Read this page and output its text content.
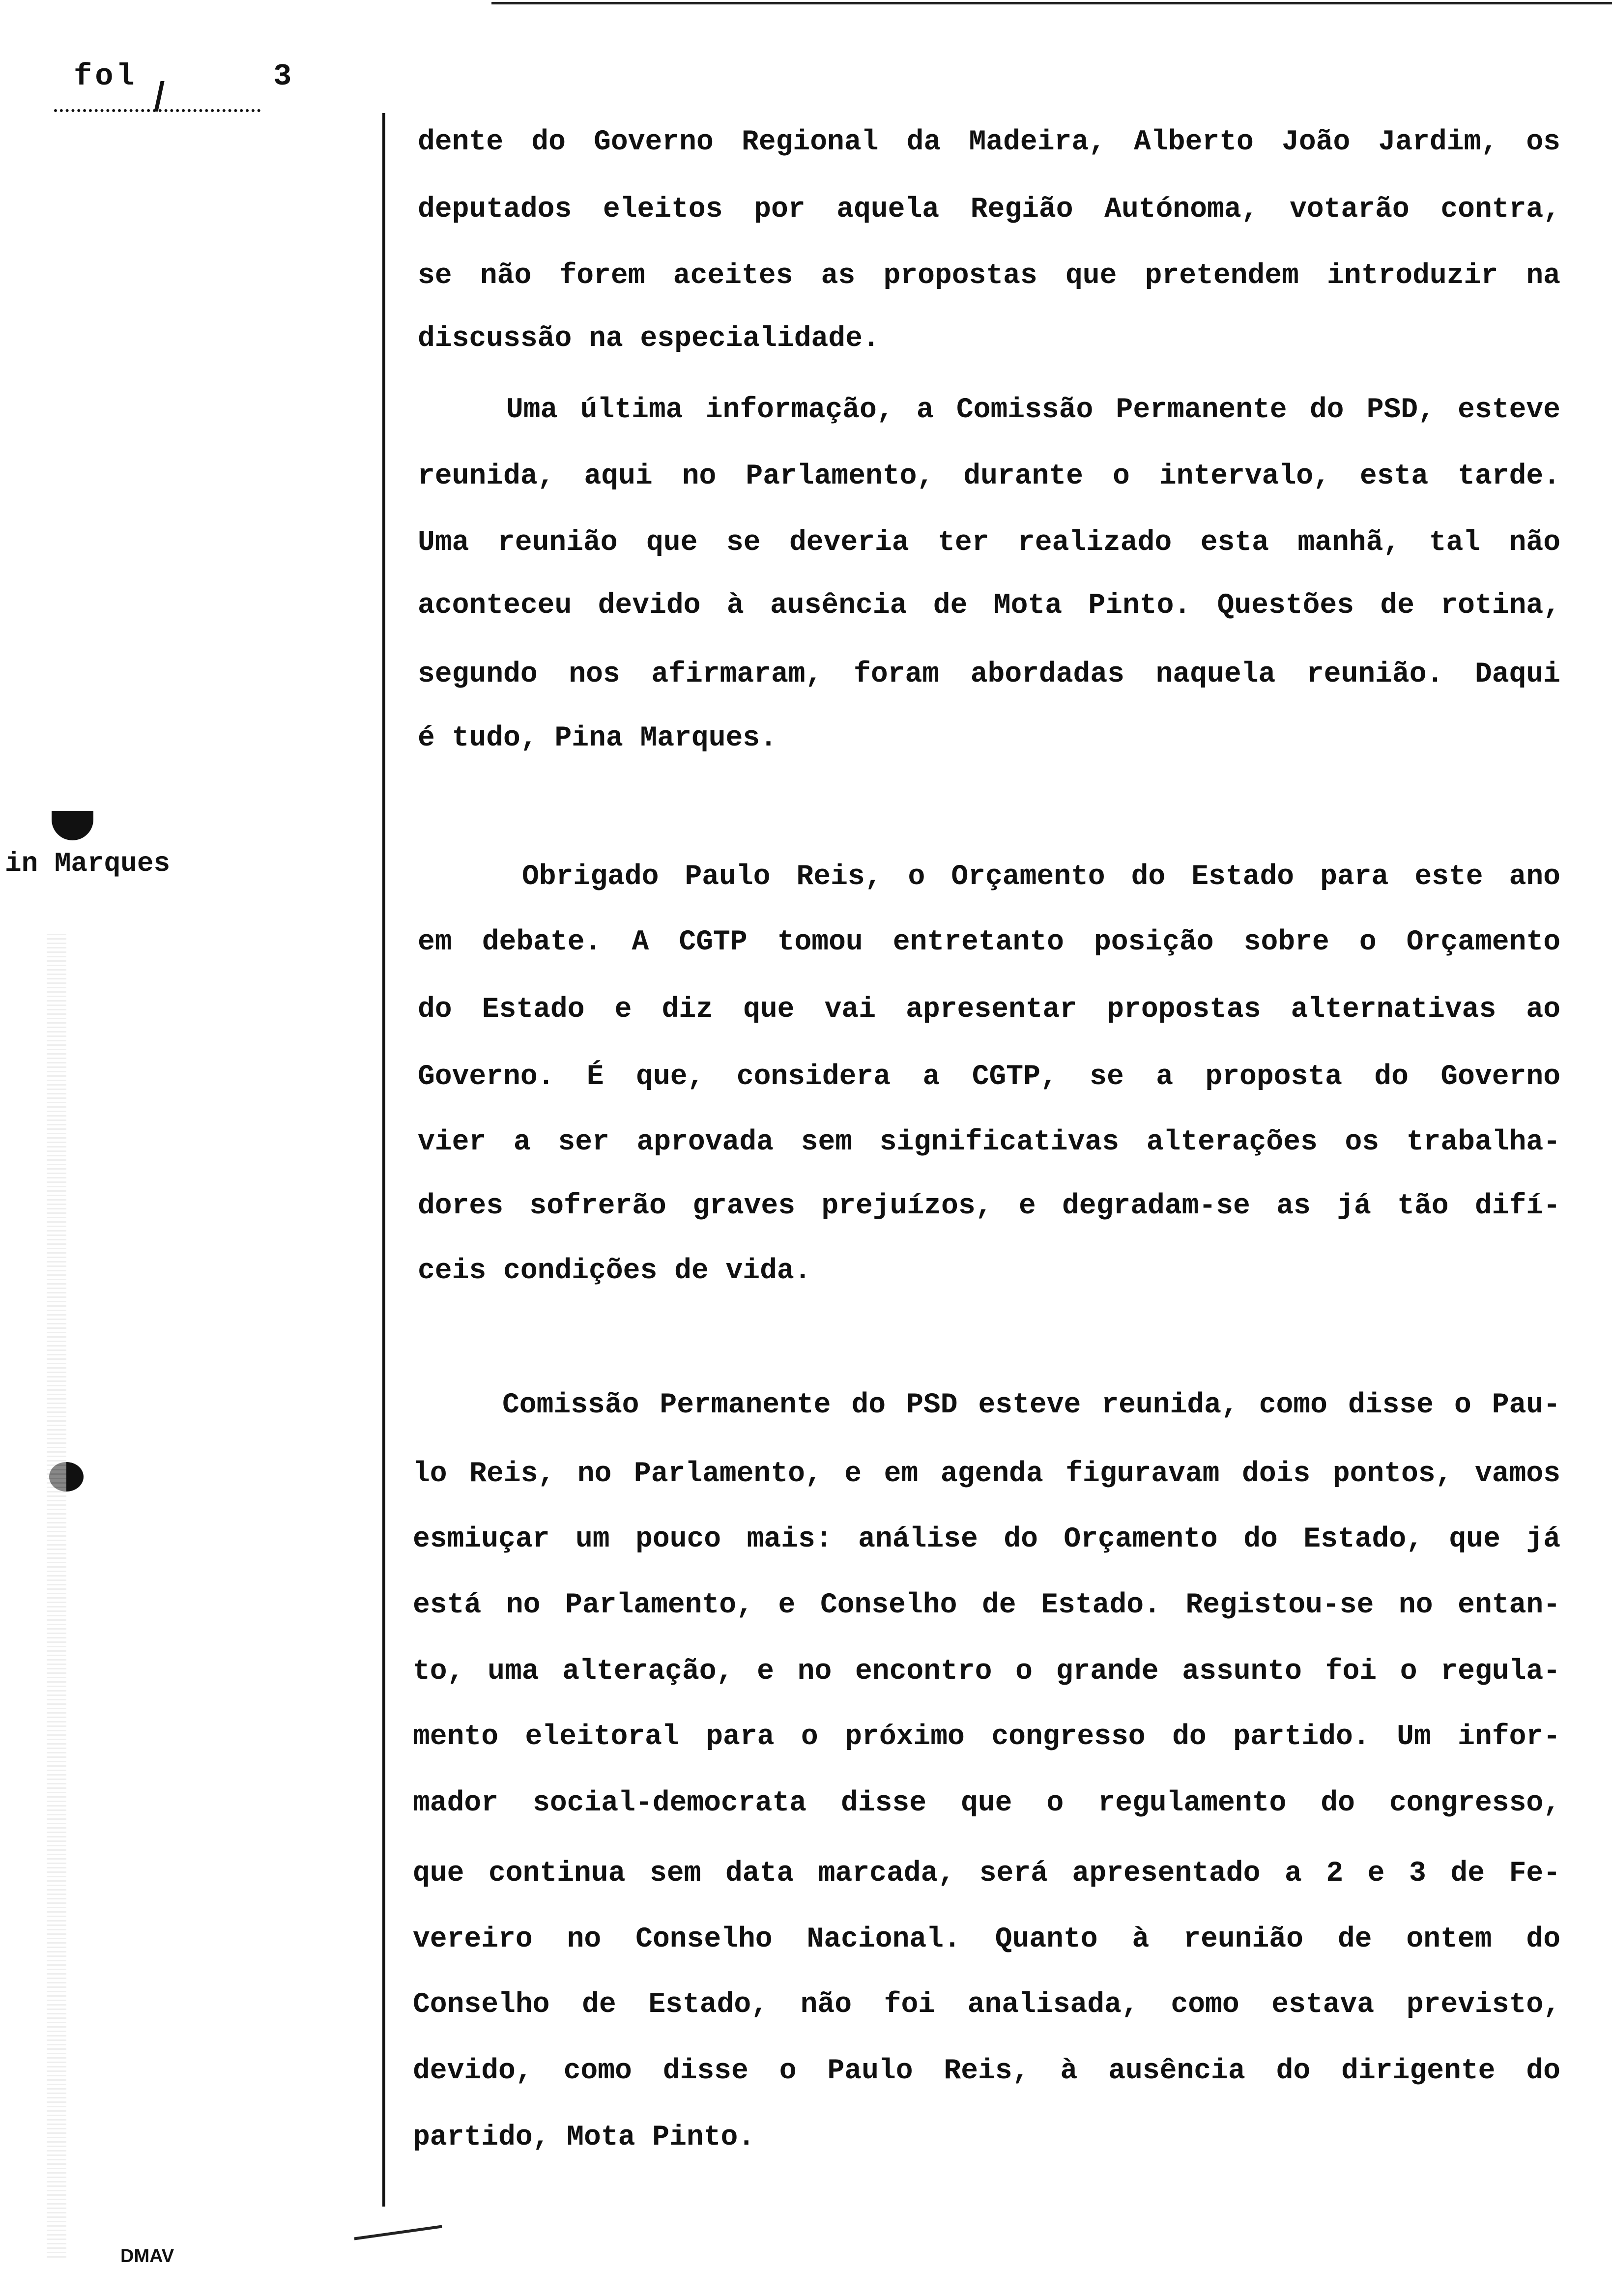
fol	3
in Marques
DMAV
dente do Governo Regional da Madeira, Alberto João Jardim, os
deputados eleitos por aquela Região Autónoma, votarão contra,
se não forem aceites as propostas que pretendem introduzir na
discussão na especialidade.
Uma última informação, a Comissão Permanente do PSD, esteve
reunida, aqui no Parlamento, durante o intervalo, esta tarde.
Uma reunião que se deveria ter realizado esta manhã, tal não
aconteceu devido à ausência de Mota Pinto. Questões de rotina,
segundo nos afirmaram, foram abordadas naquela reunião. Daqui
é tudo, Pina Marques.
Obrigado Paulo Reis, o Orçamento do Estado para este ano
em debate. A CGTP tomou entretanto posição sobre o Orçamento
do Estado e diz que vai apresentar propostas alternativas ao
Governo. É que, considera a CGTP, se a proposta do Governo
vier a ser aprovada sem significativas alterações os trabalha-
dores sofrerão graves prejuízos, e degradam-se as já tão difí-
ceis condições de vida.
Comissão Permanente do PSD esteve reunida, como disse o Pau-
lo Reis, no Parlamento, e em agenda figuravam dois pontos, vamos
esmiuçar um pouco mais: análise do Orçamento do Estado, que já
está no Parlamento, e Conselho de Estado. Registou-se no entan-
to, uma alteração, e no encontro o grande assunto foi o regula-
mento eleitoral para o próximo congresso do partido. Um infor-
mador social-democrata disse que o regulamento do congresso,
que continua sem data marcada, será apresentado a 2 e 3 de Fe-
vereiro no Conselho Nacional. Quanto à reunião de ontem do
Conselho de Estado, não foi analisada, como estava previsto,
devido, como disse o Paulo Reis, à ausência do dirigente do
partido, Mota Pinto.
